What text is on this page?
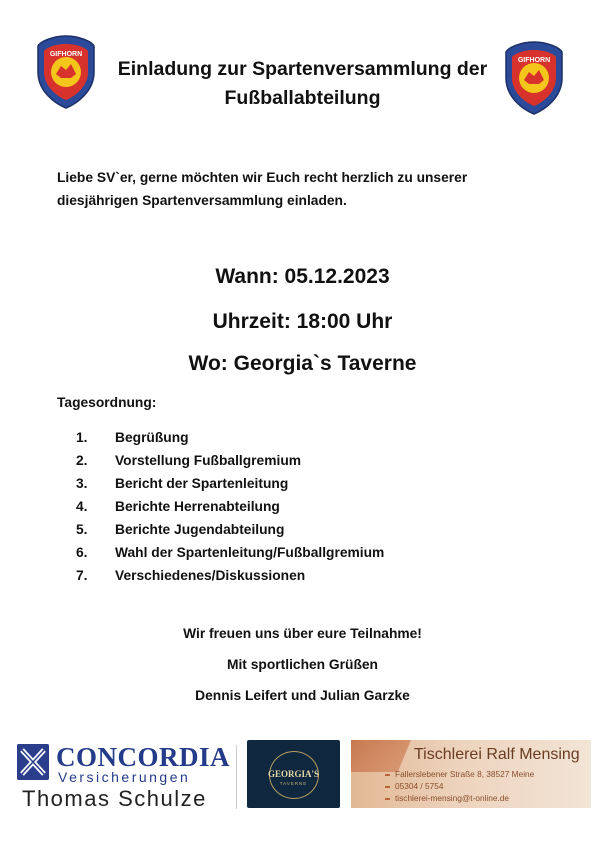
GIFHORN
GIFHORN
Einladung zur Spartenversammlung der
Fußballabteilung
Liebe SV`er, gerne möchten wir Euch recht herzlich zu unserer
diesjährigen Spartenversammlung einladen.
Wann: 05.12.2023
Uhrzeit: 18:00 Uhr
Wo: Georgia`s Taverne
Tagesordnung:
1.	Begrüßung
2.	Vorstellung Fußballgremium
3.	Bericht der Spartenleitung
4.	Berichte Herrenabteilung
5.	Berichte Jugendabteilung
6.	Wahl der Spartenleitung/Fußballgremium
7.	Verschiedenes/Diskussionen
Wir freuen uns über eure Teilnahme!
Mit sportlichen Grüßen
Dennis Leifert und Julian Garzke
CONCORDIA
Versicherungen
Thomas Schulze
GEORGIA'S
TAVERNE
Tischlerei Ralf Mensing
Fallerslebener Straße 8, 38527 Meine
05304 / 5754
tischlerei-mensing@t-online.de
